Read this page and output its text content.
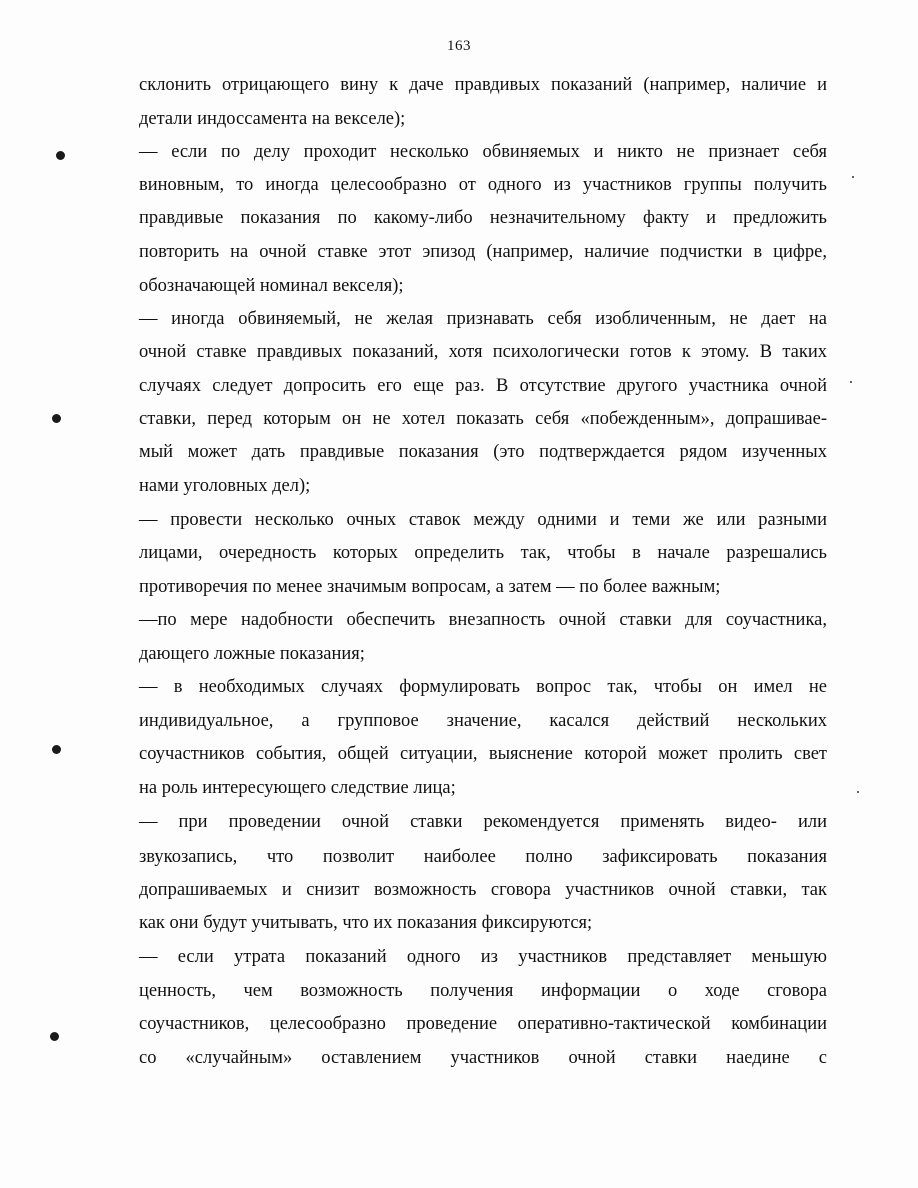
163
склонить отрицающего вину к даче правдивых показаний (например, наличие и
детали индоссамента на векселе);
— если по делу проходит несколько обвиняемых и никто не признает себя
виновным, то иногда целесообразно от одного из участников группы получить
правдивые показания по какому-либо незначительному факту и предложить
повторить на очной ставке этот эпизод (например, наличие подчистки в цифре,
обозначающей номинал векселя);
— иногда обвиняемый, не желая признавать себя изобличенным, не дает на
очной ставке правдивых показаний, хотя психологически готов к этому. В таких
случаях следует допросить его еще раз. В отсутствие другого участника очной
ставки, перед которым он не хотел показать себя «побежденным», допрашивае-
мый может дать правдивые показания (это подтверждается рядом изученных
нами уголовных дел);
— провести несколько очных ставок между одними и теми же или разными
лицами, очередность которых определить так, чтобы в начале разрешались
противоречия по менее значимым вопросам, а затем — по более важным;
—по мере надобности обеспечить внезапность очной ставки для соучастника,
дающего ложные показания;
— в необходимых случаях формулировать вопрос так, чтобы он имел не
индивидуальное, а групповое значение, касался действий нескольких
соучастников события, общей ситуации, выяснение которой может пролить свет
на роль интересующего следствие лица;
— при проведении очной ставки рекомендуется применять видео- или
звукозапись, что позволит наиболее полно зафиксировать показания
допрашиваемых и снизит возможность сговора участников очной ставки, так
как они будут учитывать, что их показания фиксируются;
— если утрата показаний одного из участников представляет меньшую
ценность, чем возможность получения информации о ходе сговора
соучастников, целесообразно проведение оперативно-тактической комбинации
со «случайным» оставлением участников очной ставки наедине с
